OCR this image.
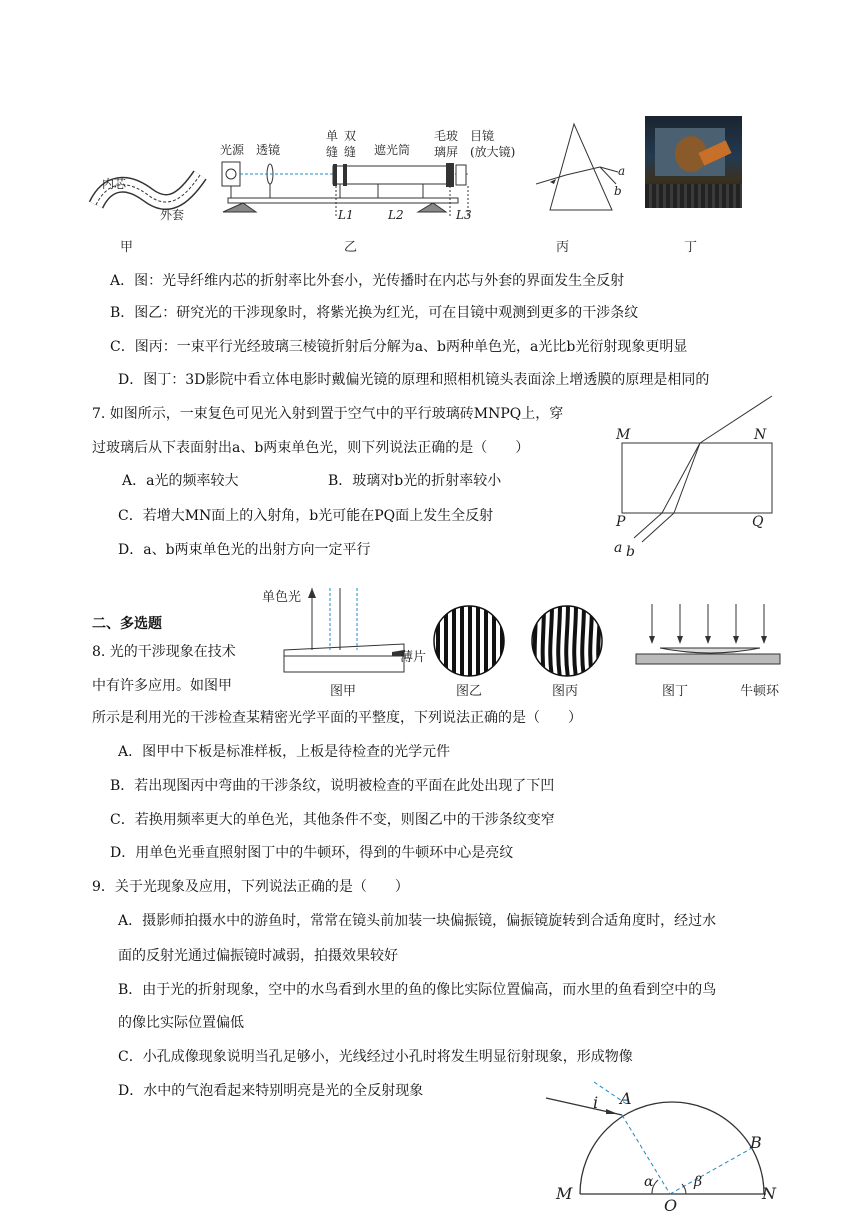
内芯
外套
甲
光源 透镜
单
缝
双
缝 遮光筒
毛玻
璃屏
目镜
(放大镜)
L1	L2	L3
乙
a
b
丙	丁
A．图：光导纤维内芯的折射率比外套小，光传播时在内芯与外套的界面发生全反射
B．图乙：研究光的干涉现象时，将紫光换为红光，可在目镜中观测到更多的干涉条纹
C．图丙：一束平行光经玻璃三棱镜折射后分解为a、b两种单色光，a光比b光衍射现象更明显
D．图丁：3D影院中看立体电影时戴偏光镜的原理和照相机镜头表面涂上增透膜的原理是相同的
7. 如图所示，一束复色可见光入射到置于空气中的平行玻璃砖MNPQ上，穿
过玻璃后从下表面射出a、b两束单色光，则下列说法正确的是（　　）
A．a光的频率较大	B．玻璃对b光的折射率较小
C．若增大MN面上的入射角，b光可能在PQ面上发生全反射
D．a、b两束单色光的出射方向一定平行
M	N
P	Q
a b
二、多选题
8. 光的干涉现象在技术
中有许多应用。如图甲
所示是利用光的干涉检查某精密光学平面的平整度，下列说法正确的是（　　）
单色光
薄片
图甲	图乙	图丙	图丁	牛顿环
A．图甲中下板是标准样板，上板是待检查的光学元件
B．若出现图丙中弯曲的干涉条纹，说明被检查的平面在此处出现了下凹
C．若换用频率更大的单色光，其他条件不变，则图乙中的干涉条纹变窄
D．用单色光垂直照射图丁中的牛顿环，得到的牛顿环中心是亮纹
9．关于光现象及应用，下列说法正确的是（　　）
A．摄影师拍摄水中的游鱼时，常常在镜头前加装一块偏振镜，偏振镜旋转到合适角度时，经过水
面的反射光通过偏振镜时减弱，拍摄效果较好
B．由于光的折射现象，空中的水鸟看到水里的鱼的像比实际位置偏高，而水里的鱼看到空中的鸟
的像比实际位置偏低
C．小孔成像现象说明当孔足够小，光线经过小孔时将发生明显衍射现象，形成物像
D．水中的气泡看起来特别明亮是光的全反射现象
i A
B
M	N
O
α	β
